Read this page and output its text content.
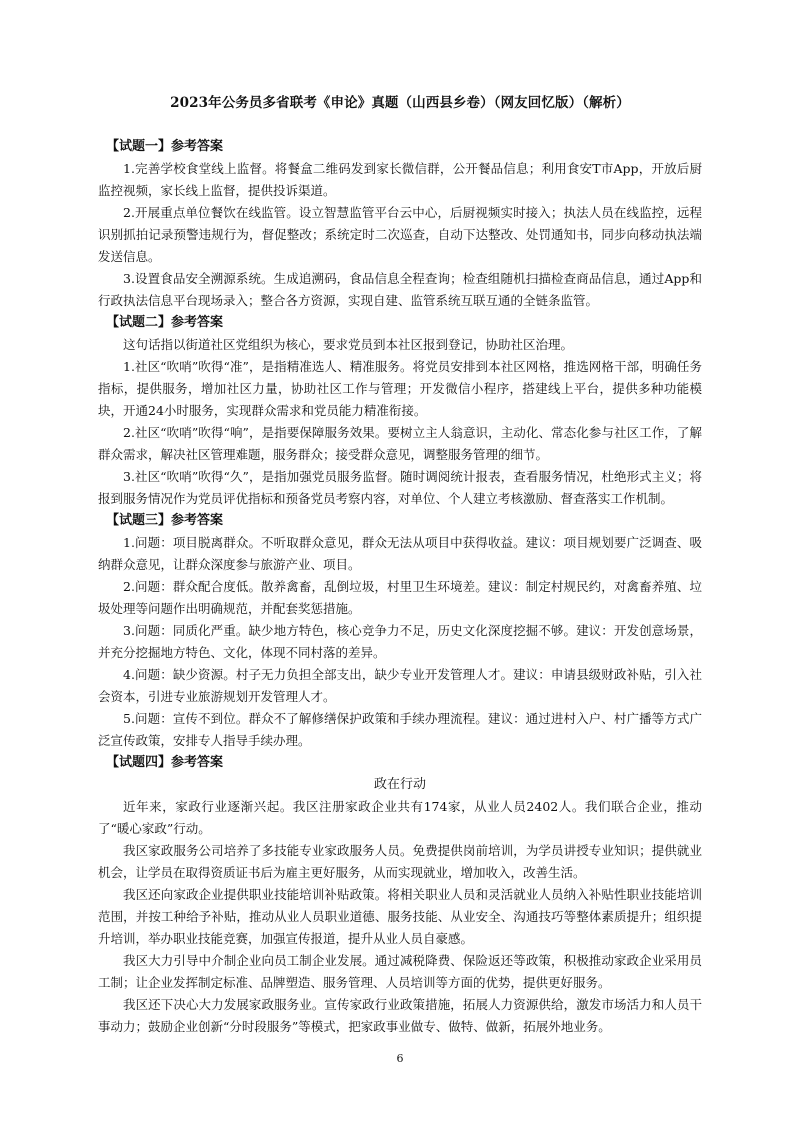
2023年公务员多省联考《申论》真题（山西县乡卷）（网友回忆版）（解析）

【试题一】参考答案

1.完善学校食堂线上监督。将餐盒二维码发到家长微信群，公开餐品信息；利用食安T市App，开放后厨监控视频，家长线上监督，提供投诉渠道。

2.开展重点单位餐饮在线监管。设立智慧监管平台云中心，后厨视频实时接入；执法人员在线监控，远程识别抓拍记录预警违规行为，督促整改；系统定时二次巡查，自动下达整改、处罚通知书，同步向移动执法端发送信息。

3.设置食品安全溯源系统。生成追溯码，食品信息全程查询；检查组随机扫描检查商品信息，通过App和行政执法信息平台现场录入；整合各方资源，实现自建、监管系统互联互通的全链条监管。

【试题二】参考答案

这句话指以街道社区党组织为核心，要求党员到本社区报到登记，协助社区治理。

1.社区“吹哨”吹得“准”，是指精准选人、精准服务。将党员安排到本社区网格，推选网格干部，明确任务指标，提供服务，增加社区力量，协助社区工作与管理；开发微信小程序，搭建线上平台，提供多种功能模块，开通24小时服务，实现群众需求和党员能力精准衔接。

2.社区“吹哨”吹得“响”，是指要保障服务效果。要树立主人翁意识，主动化、常态化参与社区工作，了解群众需求，解决社区管理难题，服务群众；接受群众意见，调整服务管理的细节。

3.社区“吹哨”吹得“久”，是指加强党员服务监督。随时调阅统计报表，查看服务情况，杜绝形式主义；将报到服务情况作为党员评优指标和预备党员考察内容，对单位、个人建立考核激励、督查落实工作机制。

【试题三】参考答案

1.问题：项目脱离群众。不听取群众意见，群众无法从项目中获得收益。建议：项目规划要广泛调查、吸纳群众意见，让群众深度参与旅游产业、项目。

2.问题：群众配合度低。散养禽畜，乱倒垃圾，村里卫生环境差。建议：制定村规民约，对禽畜养殖、垃圾处理等问题作出明确规范，并配套奖惩措施。

3.问题：同质化严重。缺少地方特色，核心竞争力不足，历史文化深度挖掘不够。建议：开发创意场景，并充分挖掘地方特色、文化，体现不同村落的差异。

4.问题：缺少资源。村子无力负担全部支出，缺少专业开发管理人才。建议：申请县级财政补贴，引入社会资本，引进专业旅游规划开发管理人才。

5.问题：宣传不到位。群众不了解修缮保护政策和手续办理流程。建议：通过进村入户、村广播等方式广泛宣传政策，安排专人指导手续办理。

【试题四】参考答案

政在行动

近年来，家政行业逐渐兴起。我区注册家政企业共有174家，从业人员2402人。我们联合企业，推动了“暖心家政”行动。

我区家政服务公司培养了多技能专业家政服务人员。免费提供岗前培训，为学员讲授专业知识；提供就业机会，让学员在取得资质证书后为雇主更好服务，从而实现就业，增加收入，改善生活。

我区还向家政企业提供职业技能培训补贴政策。将相关职业人员和灵活就业人员纳入补贴性职业技能培训范围，并按工种给予补贴，推动从业人员职业道德、服务技能、从业安全、沟通技巧等整体素质提升；组织提升培训，举办职业技能竞赛，加强宣传报道，提升从业人员自豪感。

我区大力引导中介制企业向员工制企业发展。通过减税降费、保险返还等政策，积极推动家政企业采用员工制；让企业发挥制定标准、品牌塑造、服务管理、人员培训等方面的优势，提供更好服务。

我区还下决心大力发展家政服务业。宣传家政行业政策措施，拓展人力资源供给，激发市场活力和人员干事动力；鼓励企业创新“分时段服务”等模式，把家政事业做专、做特、做新，拓展外地业务。

6
